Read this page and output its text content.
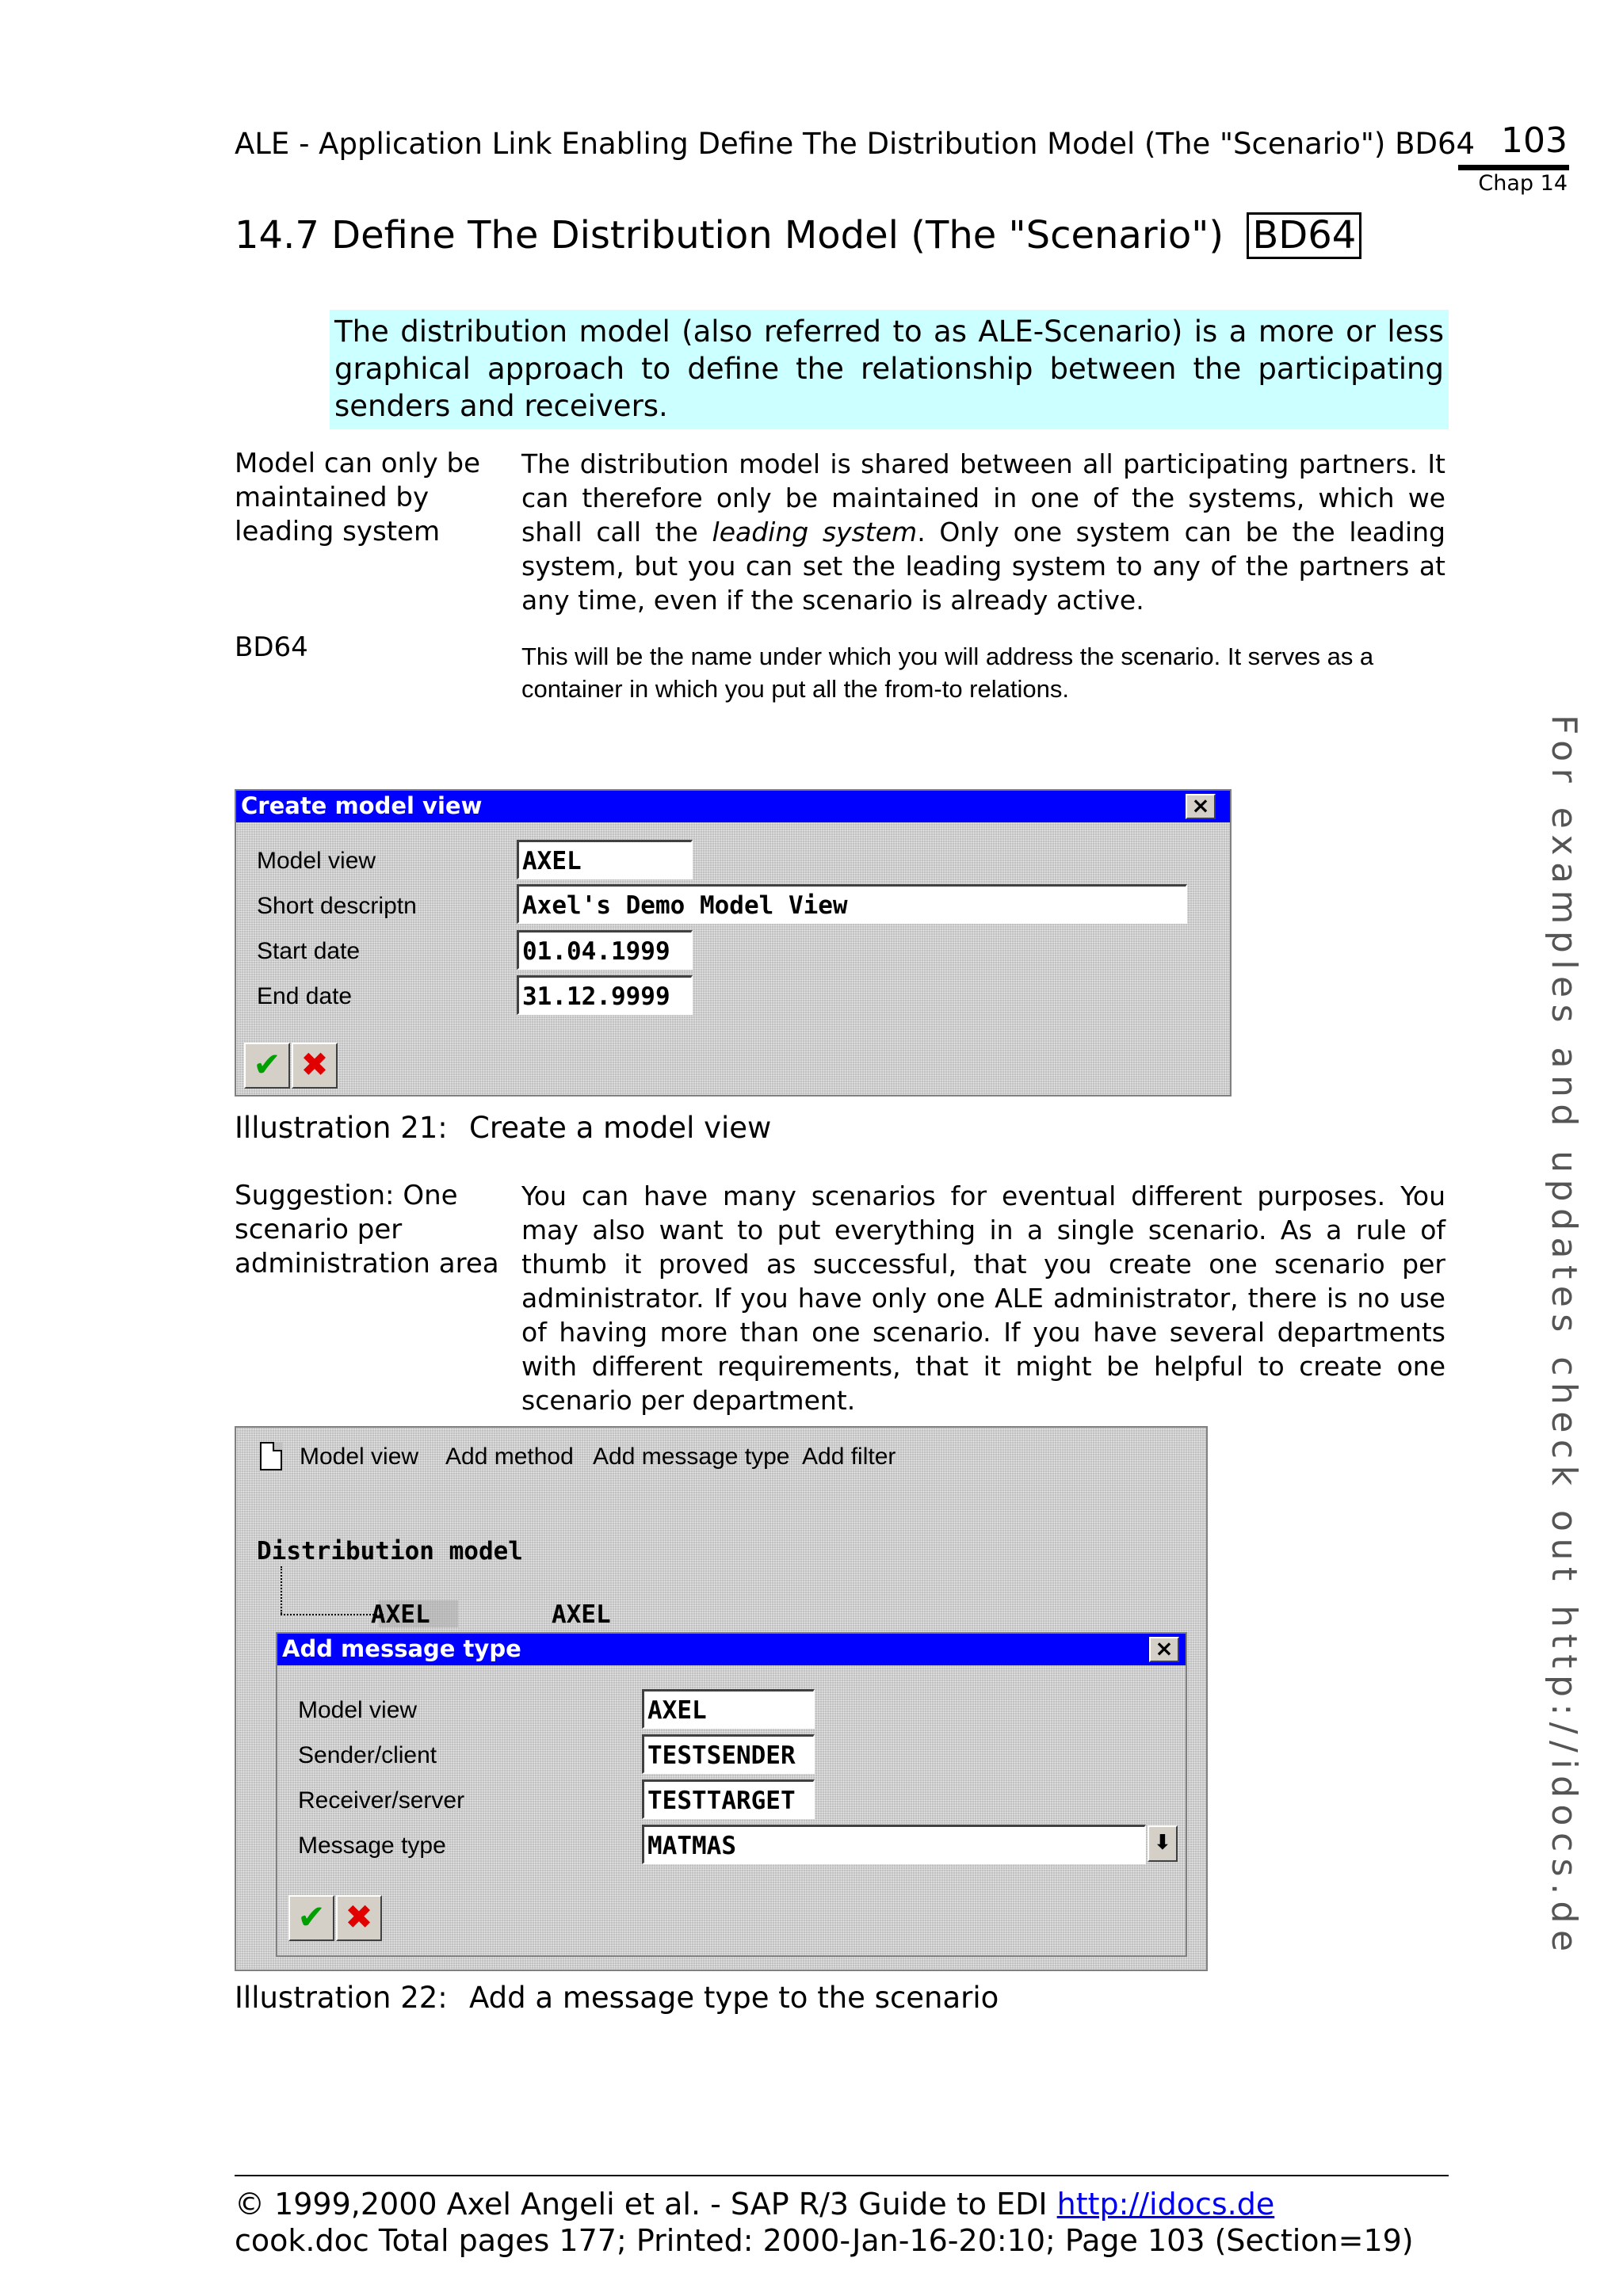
ALE - Application Link Enabling Define The Distribution Model (The "Scenario") BD64 103
Chap 14
14.7 Define The Distribution Model (The "Scenario") BD64
The distribution model (also referred to as ALE-Scenario) is a more or less graphical approach to define the relationship between the participating senders and receivers.
Model can only be maintained by leading system
The distribution model is shared between all participating partners. It can therefore only be maintained in one of the systems, which we shall call the leading system. Only one system can be the leading system, but you can set the leading system to any of the partners at any time, even if the scenario is already active.
BD64	This will be the name under which you will address the scenario. It serves as a container in which you put all the from-to relations.
For examples and updates check out http://idocs.de
Create model view	×
Model view	AXEL
Short descriptn	Axel's Demo Model View
Start date	01.04.1999
End date	31.12.9999
✔ ✖
Illustration 21: Create a model view
Suggestion: One scenario per administration area
You can have many scenarios for eventual different purposes. You may also want to put everything in a single scenario. As a rule of thumb it proved as successful, that you create one scenario per administrator. If you have only one ALE administrator, there is no use of having more than one scenario. If you have several departments with different requirements, that it might be helpful to create one scenario per department.
Model view Add method Add message type Add filter
Distribution model
AXEL	AXEL
Add message type	×
Model view	AXEL
Sender/client	TESTSENDER
Receiver/server	TESTTARGET
Message type	MATMAS	⬇
✔ ✖
Illustration 22: Add a message type to the scenario
© 1999,2000 Axel Angeli et al. - SAP R/3 Guide to EDI http://idocs.de
cook.doc Total pages 177; Printed: 2000-Jan-16-20:10; Page 103 (Section=19)
